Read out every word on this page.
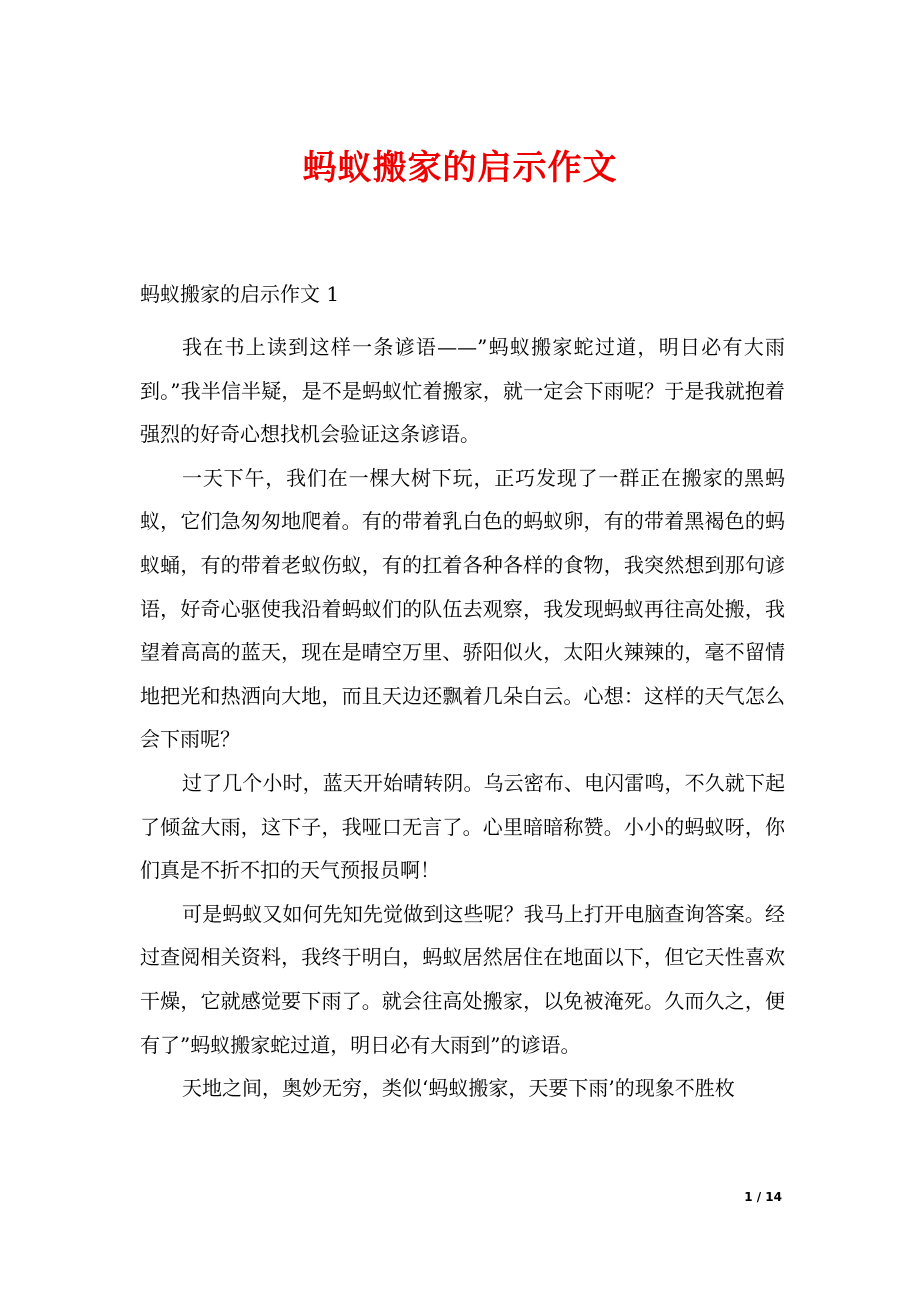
蚂蚁搬家的启示作文
蚂蚁搬家的启示作文 1

我在书上读到这样一条谚语——”蚂蚁搬家蛇过道，明日必有大雨到。”我半信半疑，是不是蚂蚁忙着搬家，就一定会下雨呢？于是我就抱着强烈的好奇心想找机会验证这条谚语。

一天下午，我们在一棵大树下玩，正巧发现了一群正在搬家的黑蚂蚁，它们急匆匆地爬着。有的带着乳白色的蚂蚁卵，有的带着黑褐色的蚂蚁蛹，有的带着老蚁伤蚁，有的扛着各种各样的食物，我突然想到那句谚语，好奇心驱使我沿着蚂蚁们的队伍去观察，我发现蚂蚁再往高处搬，我望着高高的蓝天，现在是晴空万里、骄阳似火，太阳火辣辣的，毫不留情地把光和热洒向大地，而且天边还飘着几朵白云。心想：这样的天气怎么会下雨呢？

过了几个小时，蓝天开始晴转阴。乌云密布、电闪雷鸣，不久就下起了倾盆大雨，这下子，我哑口无言了。心里暗暗称赞。小小的蚂蚁呀，你们真是不折不扣的天气预报员啊！

可是蚂蚁又如何先知先觉做到这些呢？我马上打开电脑查询答案。经过查阅相关资料，我终于明白，蚂蚁居然居住在地面以下，但它天性喜欢干燥，它就感觉要下雨了。就会往高处搬家，以免被淹死。久而久之，便有了”蚂蚁搬家蛇过道，明日必有大雨到”的谚语。

天地之间，奥妙无穷，类似‘蚂蚁搬家，天要下雨’的现象不胜枚

1 / 14
